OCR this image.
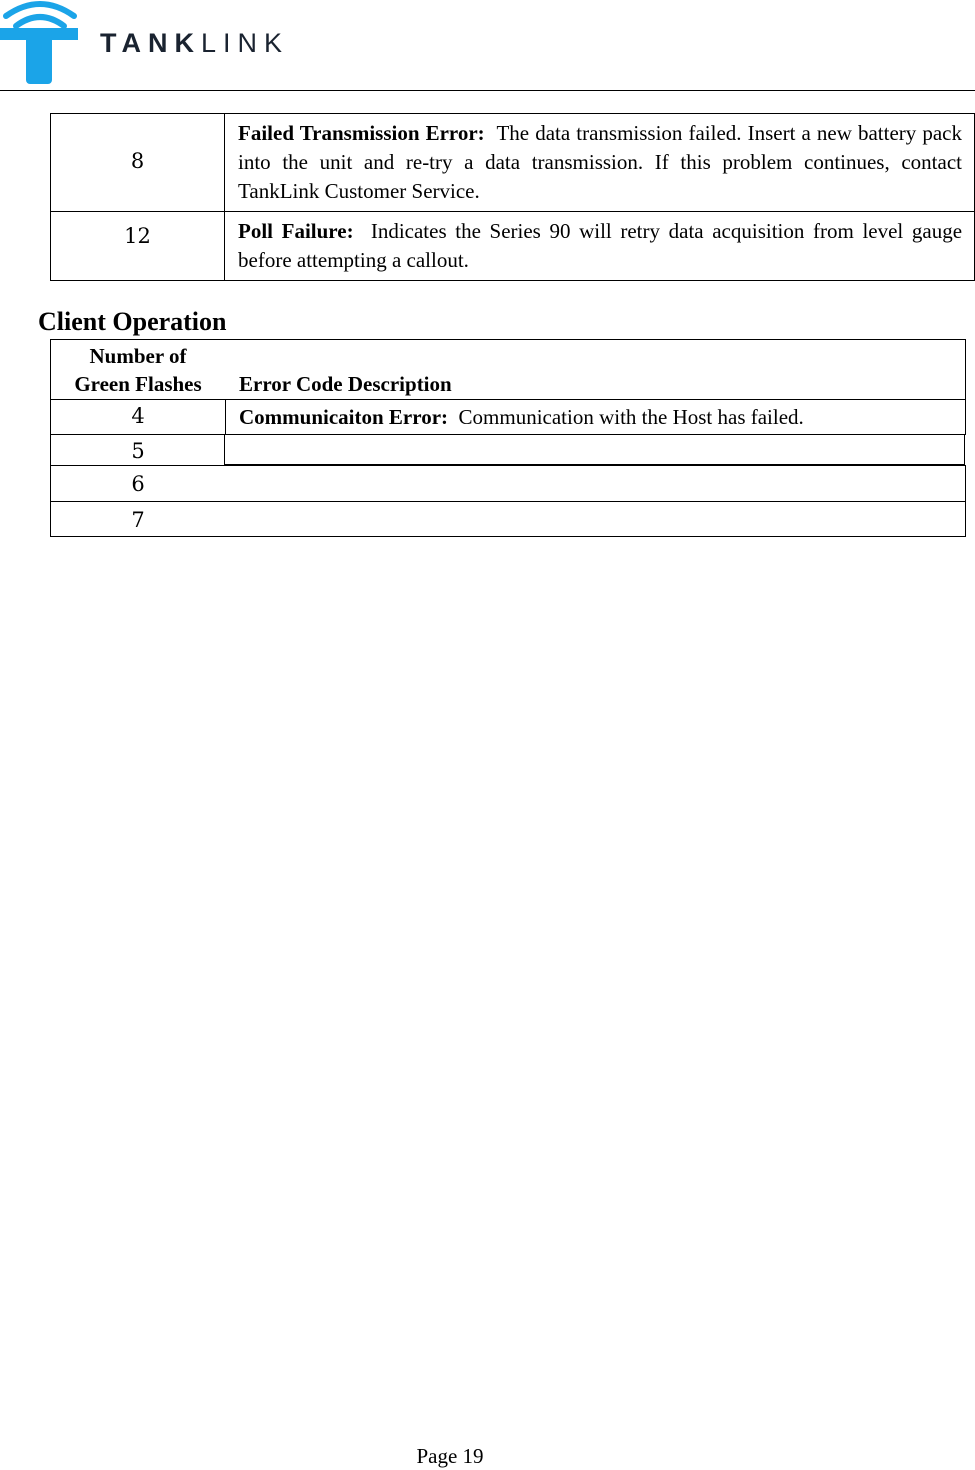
TANKLINK
8	Failed Transmission Error: The data transmission failed. Insert a new battery pack into the unit and re-try a data transmission. If this problem continues, contact TankLink Customer Service.
12	Poll Failure: Indicates the Series 90 will retry data acquisition from level gauge before attempting a callout.
Client Operation
Number of
Green Flashes	Error Code Description
4	Communicaiton Error: Communication with the Host has failed.
5
6
7
Page 19
